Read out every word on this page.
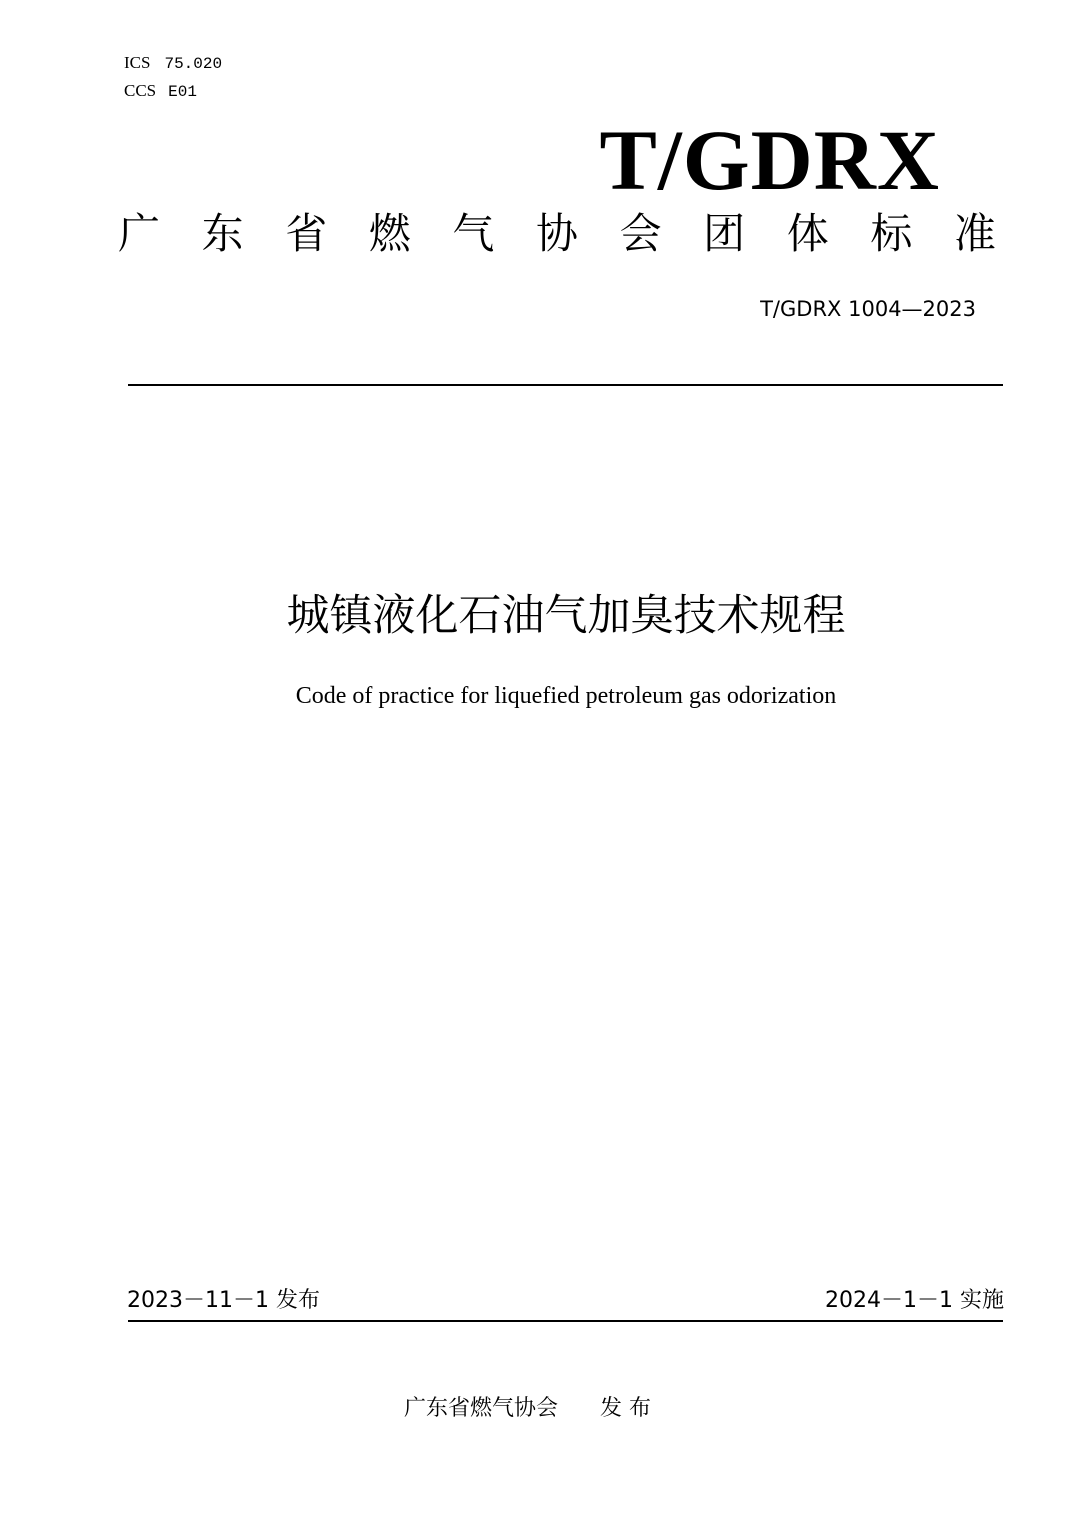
ICS 75.020
CCS E01
T/GDRX
广 东 省 燃 气 协 会 团 体 标 准
T/GDRX 1004—2023
城镇液化石油气加臭技术规程
Code of practice for liquefied petroleum gas odorization
2023－11－1 发布	2024－1－1 实施
广东省燃气协会      发 布
